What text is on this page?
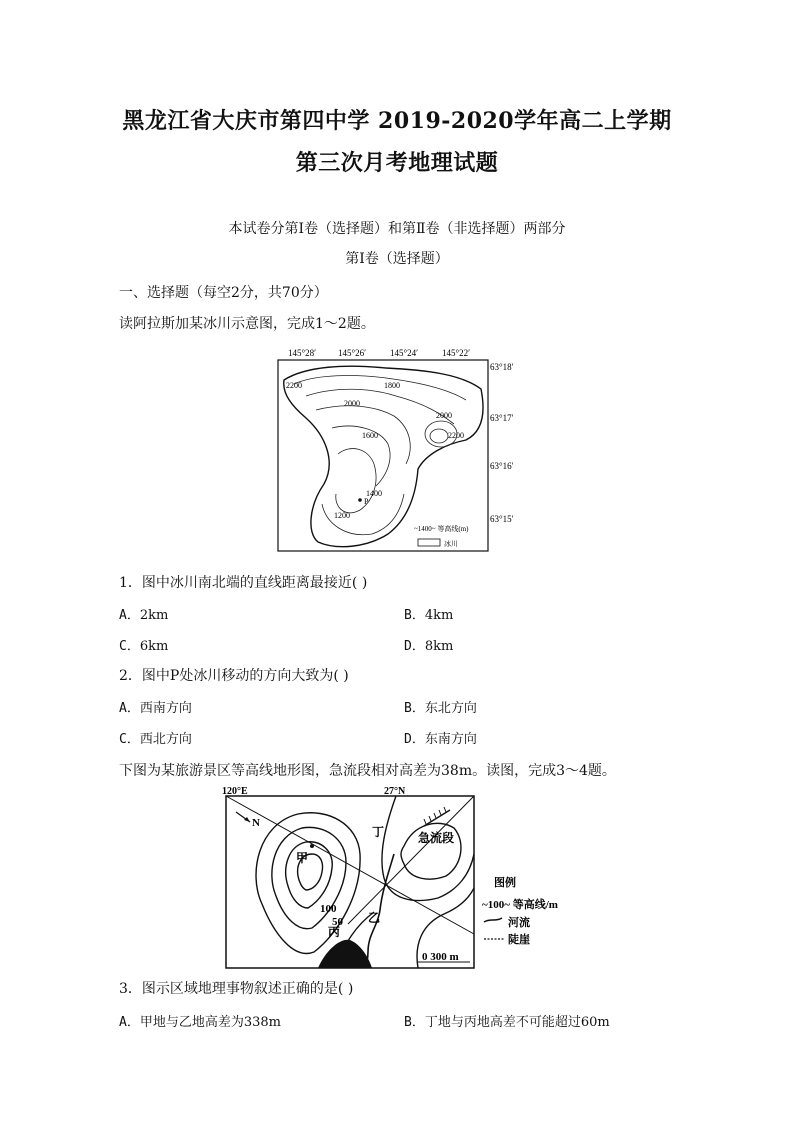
黑龙江省大庆市第四中学 2019-2020学年高二上学期
第三次月考地理试题
本试卷分第Ⅰ卷（选择题）和第Ⅱ卷（非选择题）两部分
第Ⅰ卷（选择题）
一、选择题（每空2分，共70分）
读阿拉斯加某冰川示意图，完成1～2题。
145°28′ 145°26′	145°24′	145°22′
63°18′
63°17′
63°16′
63°15′
2200
2000
1800
1600
1400
1200
2000
2200
P
~1400~ 等高线(m)
冰川
1．图中冰川南北端的直线距离最接近( )
A．2km	B．4km
C．6km	D．8km
2．图中P处冰川移动的方向大致为( )
A．西南方向	B．东北方向
C．西北方向	D．东南方向
下图为某旅游景区等高线地形图，急流段相对高差为38m。读图，完成3～4题。
120°E	27°N
N
甲
乙
丙
丁	急流段
100
50
0 300 m
图例
~100~ 等高线/m
河流
陡崖
3．图示区域地理事物叙述正确的是( )
A．甲地与乙地高差为338m	B．丁地与丙地高差不可能超过60m
